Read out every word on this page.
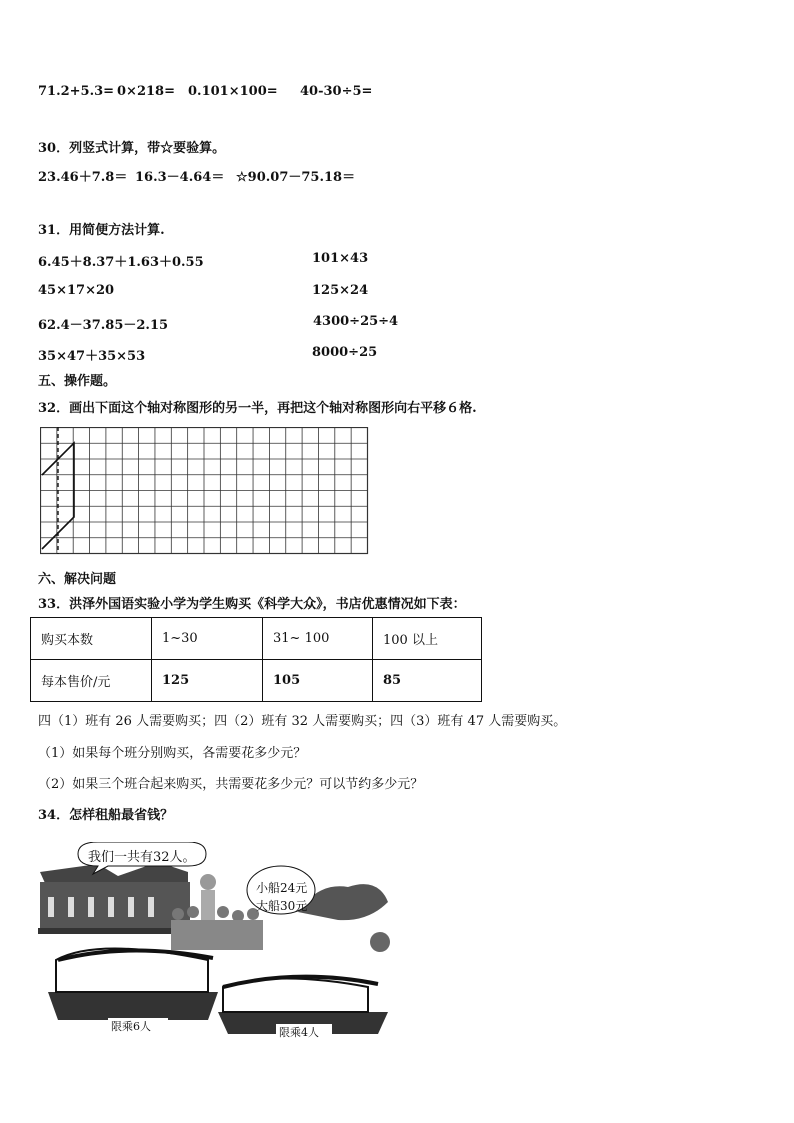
71.2+5.3= 0×218= 0.101×100= 40-30÷5=
30．列竖式计算，带☆要验算。
23.46＋7.8＝ 16.3－4.64＝ ☆90.07－75.18＝
31．用简便方法计算.
6.45＋8.37＋1.63＋0.55	101×43
45×17×20	125×24
62.4－37.85－2.15	4300÷25÷4
35×47＋35×53	8000÷25
五、操作题。
32．画出下面这个轴对称图形的另一半，再把这个轴对称图形向右平移６格.
六、解决问题
33．洪泽外国语实验小学为学生购买《科学大众》，书店优惠情况如下表：
购买本数	1~30	31~ 100	100 以上
每本售价/元	125	105	85
四（1）班有 26 人需要购买；四（2）班有 32 人需要购买；四（3）班有 47 人需要购买。
（1）如果每个班分别购买，各需要花多少元？
（2）如果三个班合起来购买，共需要花多少元？可以节约多少元？
34．怎样租船最省钱？
我们一共有32人。
小船24元
大船30元
限乘6人	限乘4人
